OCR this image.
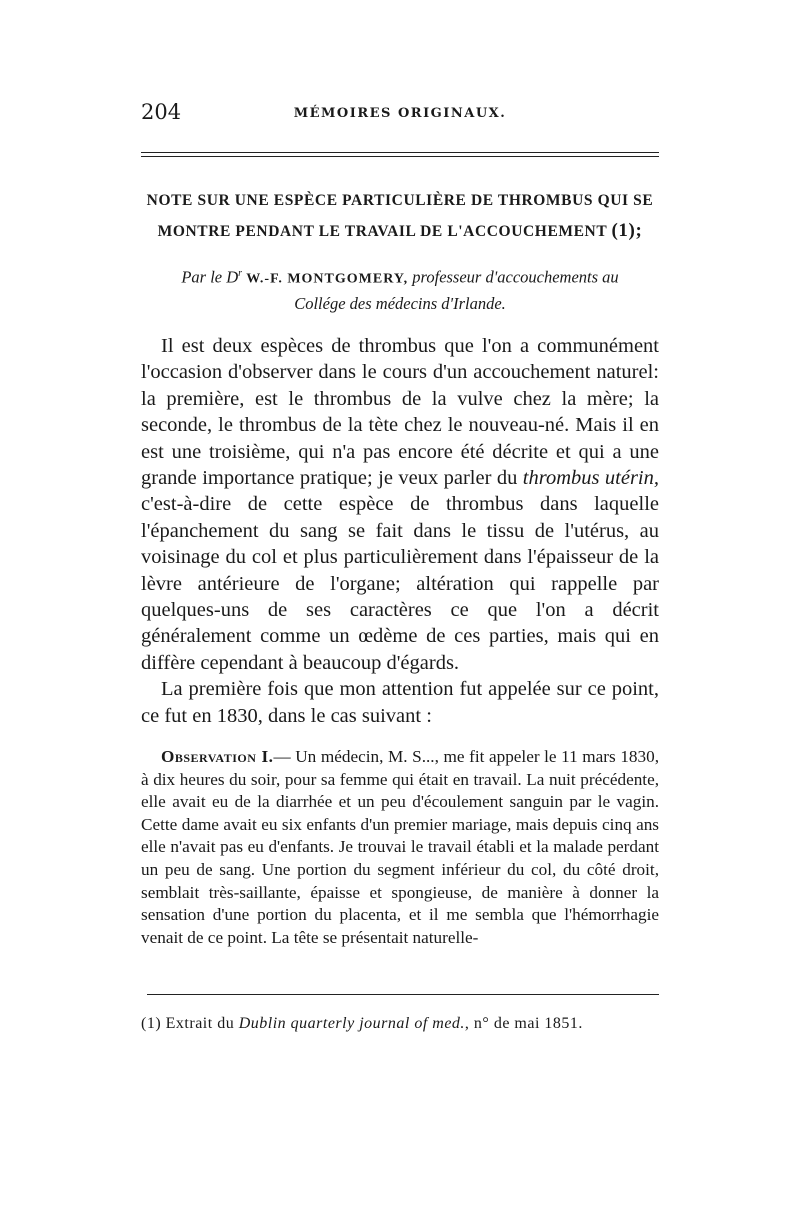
204	MÉMOIRES ORIGINAUX.
NOTE SUR UNE ESPÈCE PARTICULIÈRE DE THROMBUS QUI SE
MONTRE PENDANT LE TRAVAIL DE L'ACCOUCHEMENT (1);
Par le $D^r$ W.-F. MONTGOMERY, professeur d'accouchements au
Collége des médecins d'Irlande.

Il est deux espèces de thrombus que l'on a communément l'occasion d'observer dans le cours d'un accouchement naturel: la première, est le thrombus de la vulve chez la mère; la seconde, le thrombus de la tète chez le nouveau-né. Mais il en est une troisième, qui n'a pas encore été décrite et qui a une grande importance pratique; je veux parler du thrombus utérin, c'est-à-dire de cette espèce de thrombus dans laquelle l'épanchement du sang se fait dans le tissu de l'utérus, au voisinage du col et plus particulièrement dans l'épaisseur de la lèvre antérieure de l'organe; altération qui rappelle par quelques-uns de ses caractères ce que l'on a décrit généralement comme un œdème de ces parties, mais qui en diffère cependant à beaucoup d'égards.

La première fois que mon attention fut appelée sur ce point, ce fut en 1830, dans le cas suivant :

Observation I.— Un médecin, M. S..., me fit appeler le 11 mars 1830, à dix heures du soir, pour sa femme qui était en travail. La nuit précédente, elle avait eu de la diarrhée et un peu d'écoulement sanguin par le vagin. Cette dame avait eu six enfants d'un premier mariage, mais depuis cinq ans elle n'avait pas eu d'enfants. Je trouvai le travail établi et la malade perdant un peu de sang. Une portion du segment inférieur du col, du côté droit, semblait très-saillante, épaisse et spongieuse, de manière à donner la sensation d'une portion du placenta, et il me sembla que l'hémorrhagie venait de ce point. La tête se présentait naturelle-

(1) Extrait du Dublin quarterly journal of med., n° de mai 1851.
